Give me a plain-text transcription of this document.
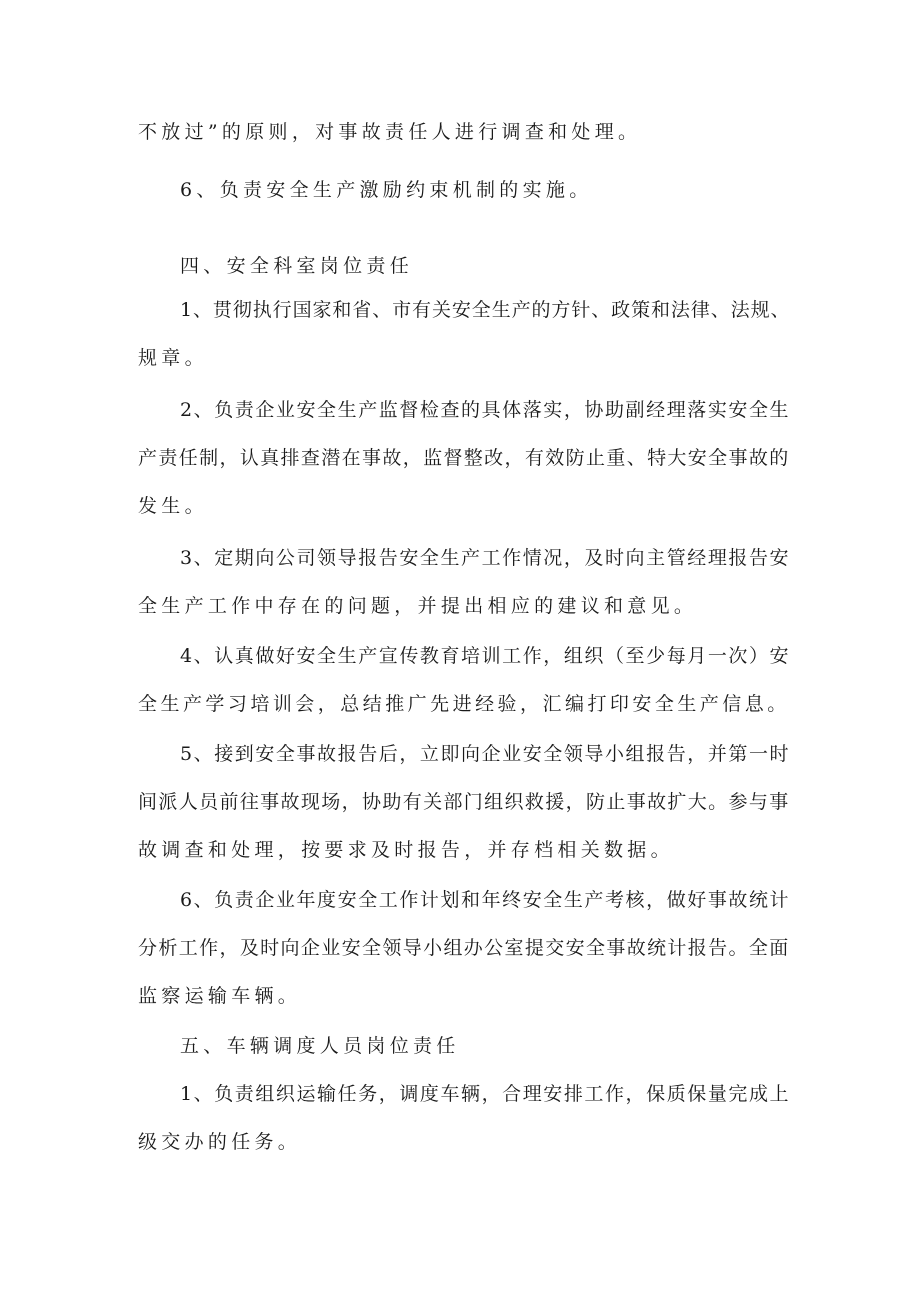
不放过”的原则，对事故责任人进行调查和处理。
6、负责安全生产激励约束机制的实施。
四、安全科室岗位责任
1、贯彻执行国家和省、市有关安全生产的方针、政策和法律、法规、
规章。
2、负责企业安全生产监督检查的具体落实，协助副经理落实安全生
产责任制，认真排查潜在事故，监督整改，有效防止重、特大安全事故的
发生。
3、定期向公司领导报告安全生产工作情况，及时向主管经理报告安
全生产工作中存在的问题，并提出相应的建议和意见。
4、认真做好安全生产宣传教育培训工作，组织（至少每月一次）安
全生产学习培训会，总结推广先进经验，汇编打印安全生产信息。
5、接到安全事故报告后，立即向企业安全领导小组报告，并第一时
间派人员前往事故现场，协助有关部门组织救援，防止事故扩大。参与事
故调查和处理，按要求及时报告，并存档相关数据。
6、负责企业年度安全工作计划和年终安全生产考核，做好事故统计
分析工作，及时向企业安全领导小组办公室提交安全事故统计报告。全面
监察运输车辆。
五、车辆调度人员岗位责任
1、负责组织运输任务，调度车辆，合理安排工作，保质保量完成上
级交办的任务。
